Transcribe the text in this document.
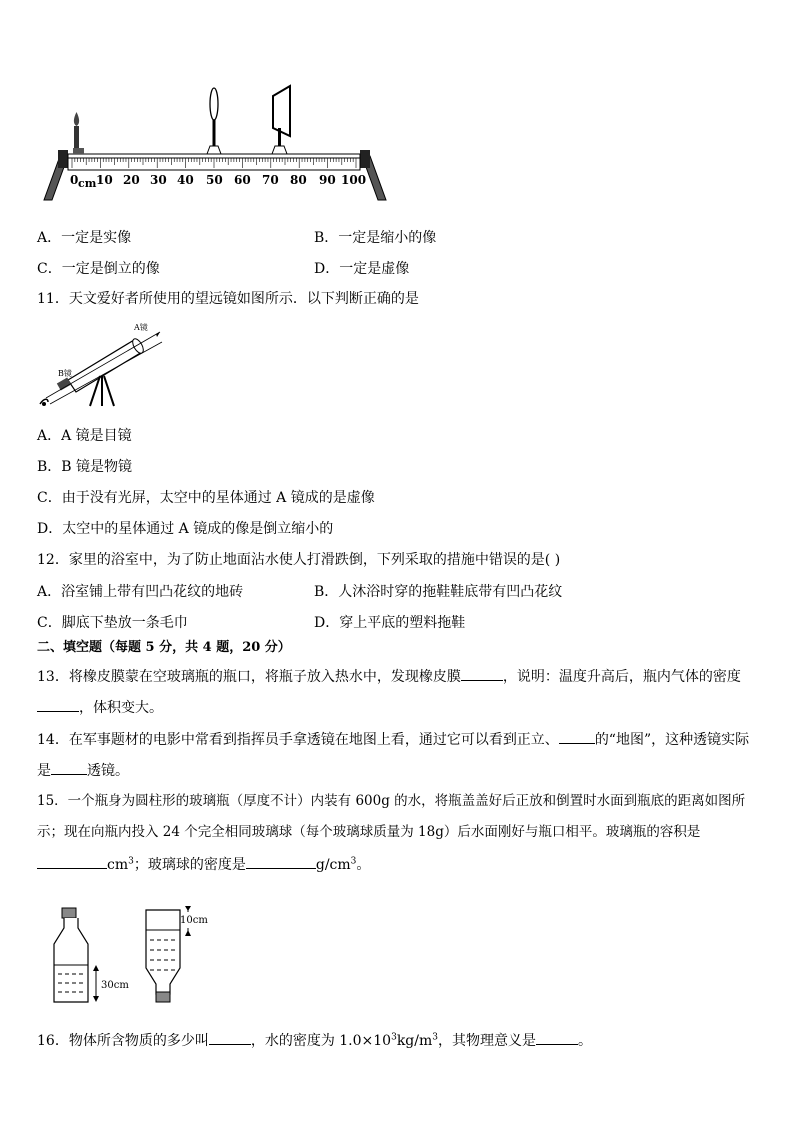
0 cm 10 20 30 40 50 60 70 80 90 100
A．一定是实像	B．一定是缩小的像
C．一定是倒立的像	D．一定是虚像
11．天文爱好者所使用的望远镜如图所示．以下判断正确的是
A镜
B镜
A．A 镜是目镜
B．B 镜是物镜
C．由于没有光屏，太空中的星体通过 A 镜成的是虚像
D．太空中的星体通过 A 镜成的像是倒立缩小的
12．家里的浴室中，为了防止地面沾水使人打滑跌倒，下列采取的措施中错误的是( )
A．浴室铺上带有凹凸花纹的地砖	B．人沐浴时穿的拖鞋鞋底带有凹凸花纹
C．脚底下垫放一条毛巾	D．穿上平底的塑料拖鞋
二、填空题（每题 5 分，共 4 题，20 分）
13．将橡皮膜蒙在空玻璃瓶的瓶口，将瓶子放入热水中，发现橡皮膜	，说明：温度升高后，瓶内气体的密度
，体积变大。
14．在军事题材的电影中常看到指挥员手拿透镜在地图上看，通过它可以看到正立、	的“地图”，这种透镜实际
是	透镜。
15．一个瓶身为圆柱形的玻璃瓶（厚度不计）内装有 600g 的水，将瓶盖盖好后正放和倒置时水面到瓶底的距离如图所
示；现在向瓶内投入 24 个完全相同玻璃球（每个玻璃球质量为 18g）后水面刚好与瓶口相平。玻璃瓶的容积是
$cm^3$；玻璃球的密度是	$g/cm^3$。
30cm
10cm
16．物体所含物质的多少叫	，水的密度为 $1.0\times 10^3kg/m^3$，其物理意义是	。
